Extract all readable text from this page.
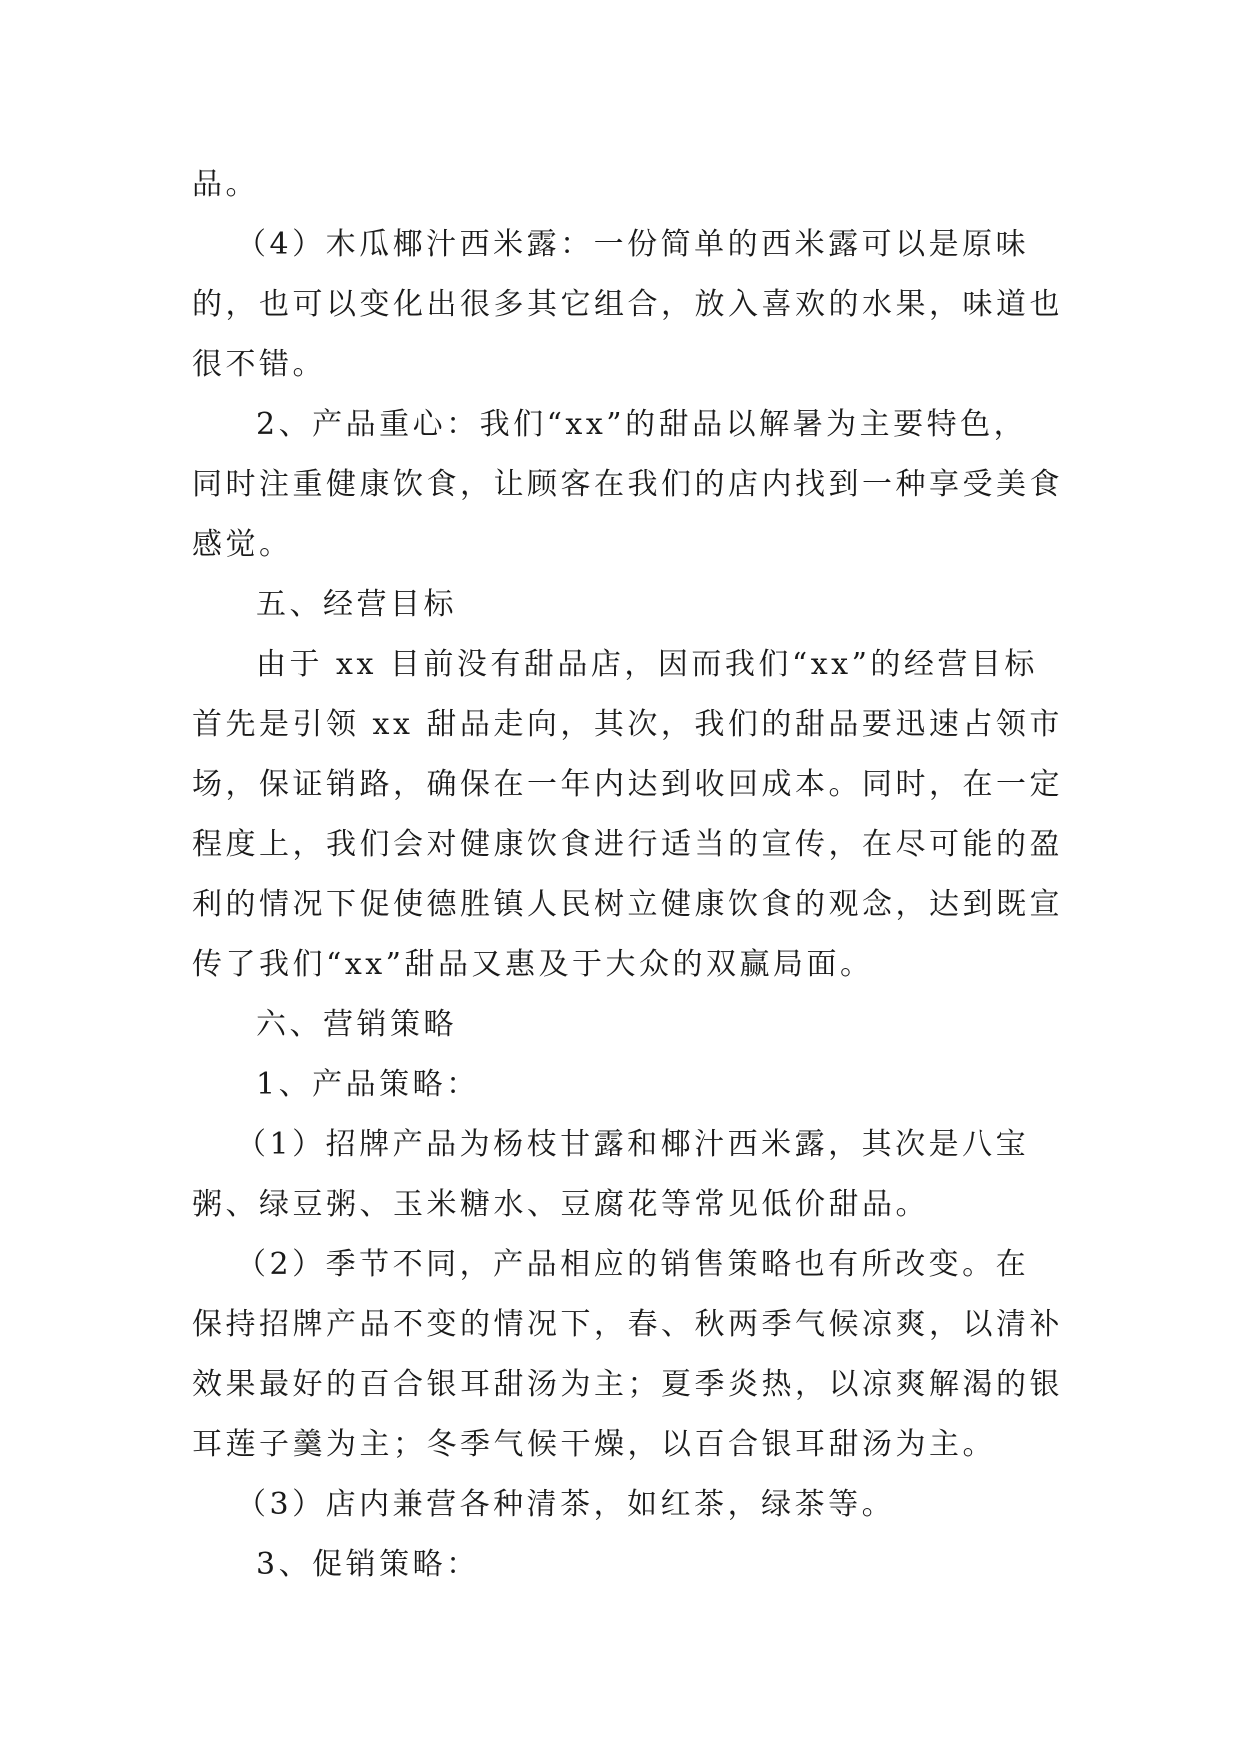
品。
（4）木瓜椰汁西米露：一份简单的西米露可以是原味
的，也可以变化出很多其它组合，放入喜欢的水果，味道也
很不错。
2、产品重心：我们“xx”的甜品以解暑为主要特色，
同时注重健康饮食，让顾客在我们的店内找到一种享受美食
感觉。
五、经营目标
由于 xx 目前没有甜品店，因而我们“xx”的经营目标
首先是引领 xx 甜品走向，其次，我们的甜品要迅速占领市
场，保证销路，确保在一年内达到收回成本。同时，在一定
程度上，我们会对健康饮食进行适当的宣传，在尽可能的盈
利的情况下促使德胜镇人民树立健康饮食的观念，达到既宣
传了我们“xx”甜品又惠及于大众的双赢局面。
六、营销策略
1、产品策略：
（1）招牌产品为杨枝甘露和椰汁西米露，其次是八宝
粥、绿豆粥、玉米糖水、豆腐花等常见低价甜品。
（2）季节不同，产品相应的销售策略也有所改变。在
保持招牌产品不变的情况下，春、秋两季气候凉爽，以清补
效果最好的百合银耳甜汤为主；夏季炎热，以凉爽解渴的银
耳莲子羹为主；冬季气候干燥，以百合银耳甜汤为主。
（3）店内兼营各种清茶，如红茶，绿茶等。
3、促销策略：
